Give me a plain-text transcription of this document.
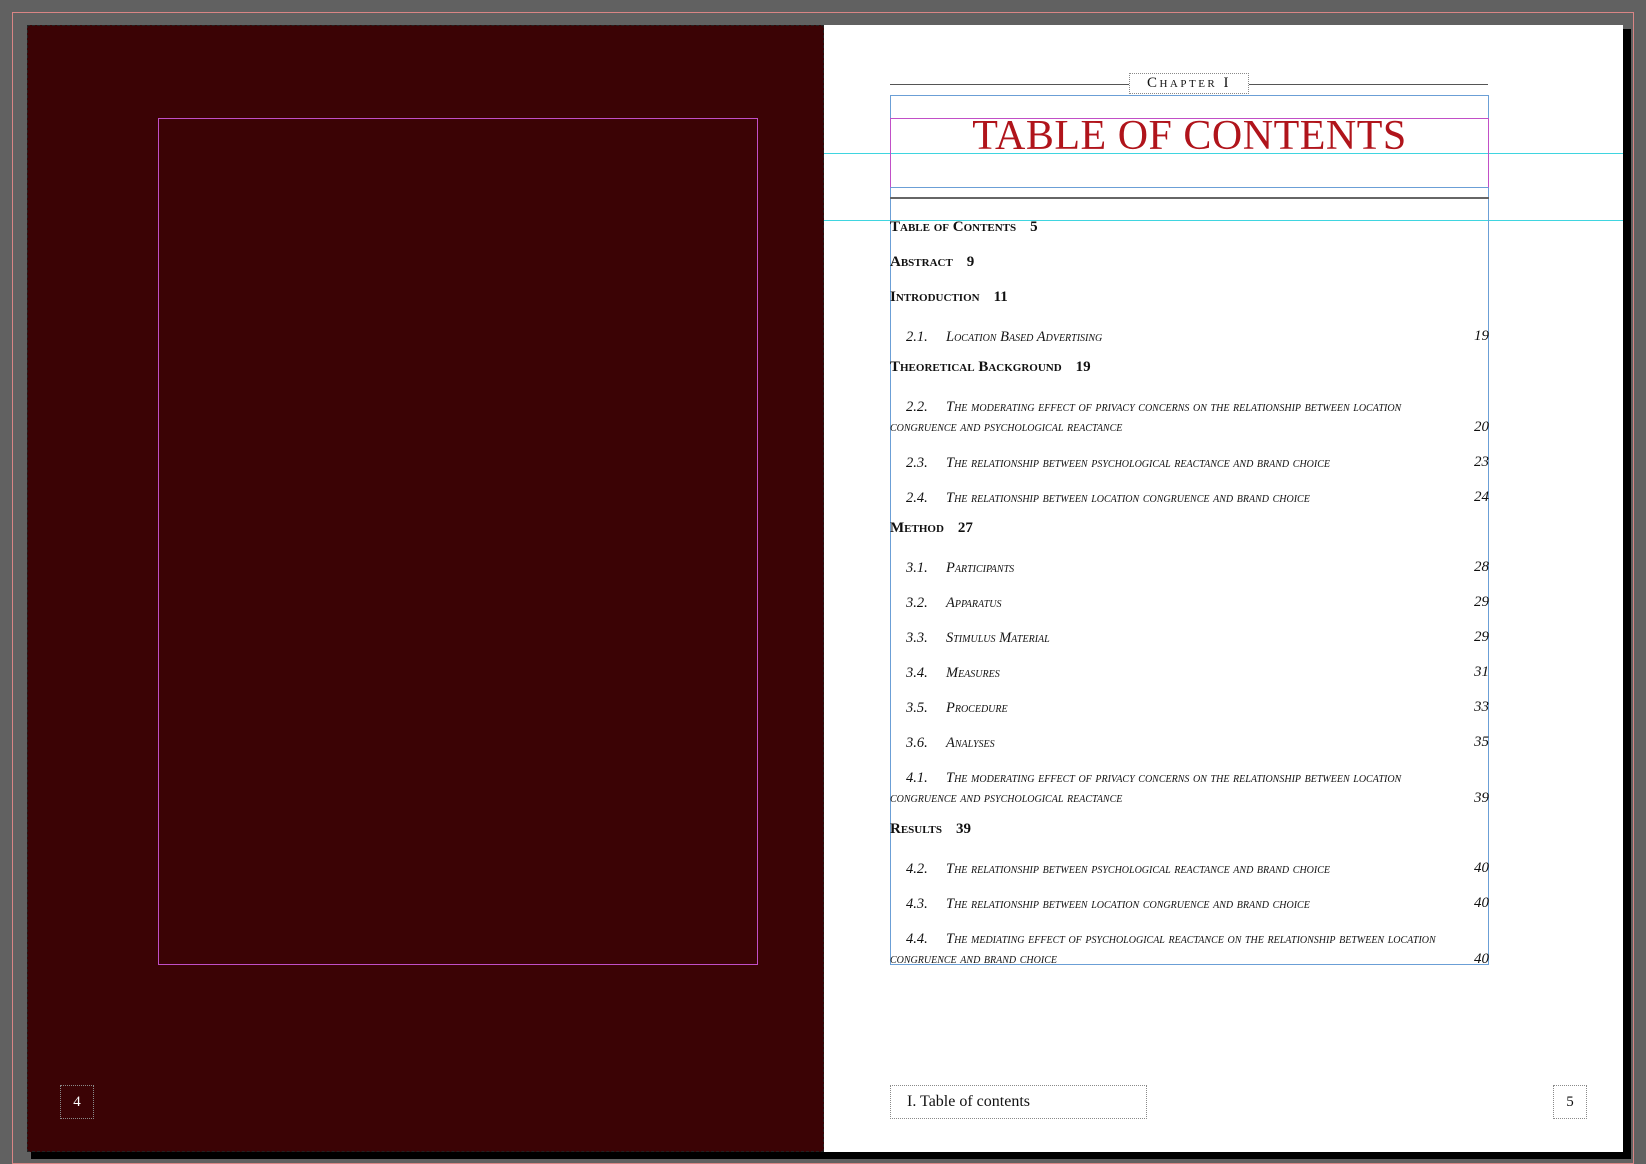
4
Chapter I
TABLE OF CONTENTS
Table of Contents 5
Abstract 9
Introduction 11
2.1. Location Based Advertising	19
Theoretical Background 19
2.2. The moderating effect of privacy concerns on the relationship between location congruence and psychological reactance	20
2.3. The relationship between psychological reactance and brand choice	23
2.4. The relationship between location congruence and brand choice	24
Method 27
3.1. Participants	28
3.2. Apparatus	29
3.3. Stimulus Material	29
3.4. Measures	31
3.5. Procedure	33
3.6. Analyses	35
4.1. The moderating effect of privacy concerns on the relationship between location congruence and psychological reactance	39
Results 39
4.2. The relationship between psychological reactance and brand choice	40
4.3. The relationship between location congruence and brand choice	40
4.4. The mediating effect of psychological reactance on the relationship between location congruence and brand choice	40
I. Table of contents	5
